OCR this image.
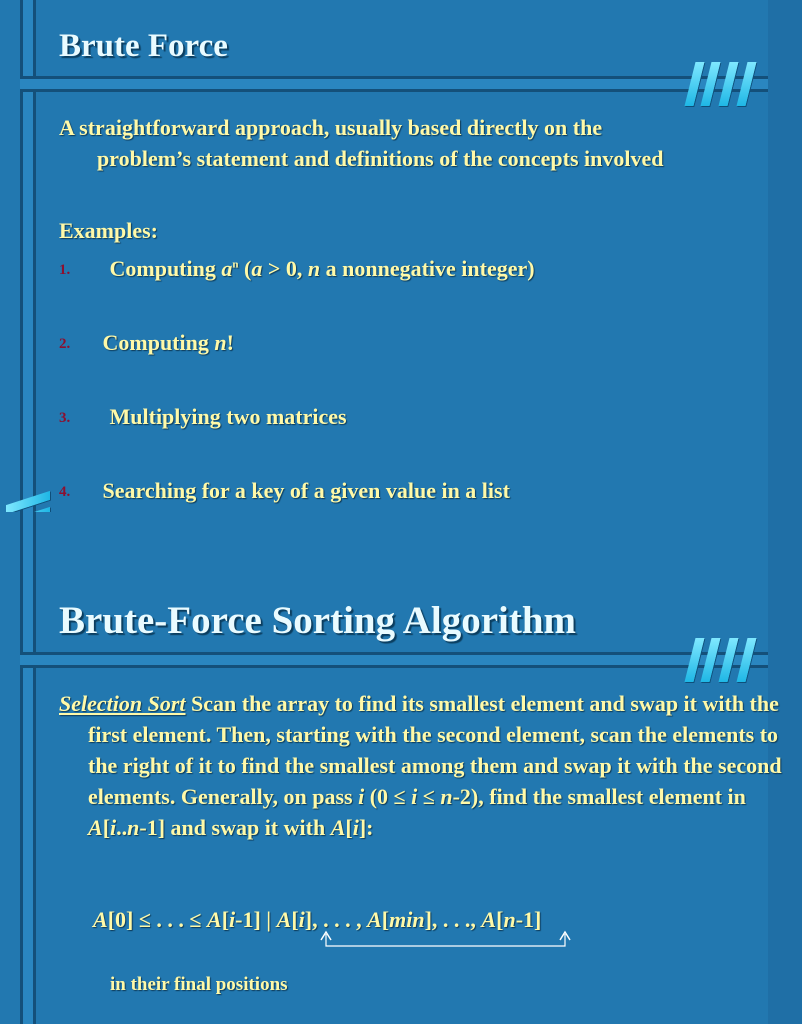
Brute Force
A straightforward approach, usually based directly on the
problem’s statement and definitions of the concepts involved
Examples:
1. Computing $a^n$ (a > 0, n a nonnegative integer)
2. Computing n!
3. Multiplying two matrices
4. Searching for a key of a given value in a list

Brute-Force Sorting Algorithm
Selection Sort Scan the array to find its smallest element and swap it with the first element. Then, starting with the second element, scan the elements to the right of it to find the smallest among them and swap it with the second elements. Generally, on pass i (0 ≤ i ≤ n-2), find the smallest element in A[i..n-1] and swap it with A[i]:
A[0] ≤ . . . ≤ A[i-1] | A[i], . . . , A[min], . . ., A[n-1]
in their final positions
